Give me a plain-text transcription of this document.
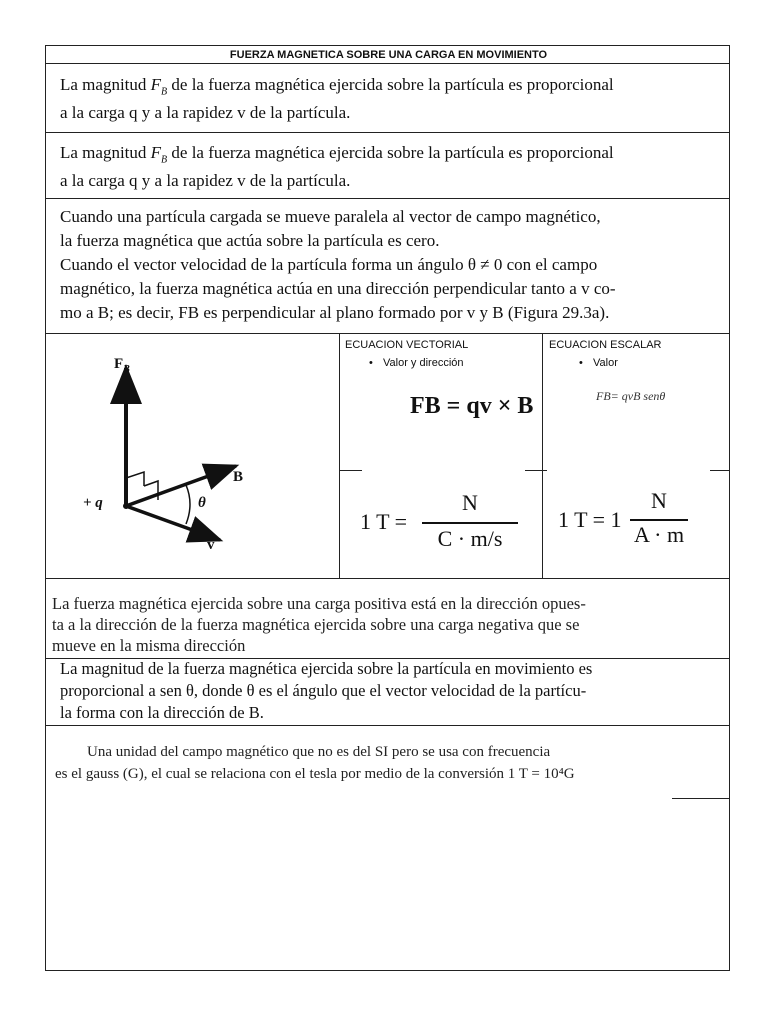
FUERZA MAGNETICA SOBRE UNA CARGA EN MOVIMIENTO
La magnitud $F_B$ de la fuerza magnética ejercida sobre la partícula es proporcional
a la carga q y a la rapidez v de la partícula.
La magnitud $F_B$ de la fuerza magnética ejercida sobre la partícula es proporcional
a la carga q y a la rapidez v de la partícula.
Cuando una partícula cargada se mueve paralela al vector de campo magnético,
la fuerza magnética que actúa sobre la partícula es cero.
Cuando el vector velocidad de la partícula forma un ángulo θ ≠ 0 con el campo
magnético, la fuerza magnética actúa en una dirección perpendicular tanto a v co-
mo a B; es decir, FB es perpendicular al plano formado por v y B (Figura 29.3a).
$F_B$
B
+ q	θ
v
ECUACION VECTORIAL
• Valor y dirección
FB = qv × B
ECUACION ESCALAR
• Valor
FB= qvB senθ
1 T =
N
C · m/s
1 T = 1
N
A · m
La fuerza magnética ejercida sobre una carga positiva está en la dirección opues-
ta a la dirección de la fuerza magnética ejercida sobre una carga negativa que se
mueve en la misma dirección
La magnitud de la fuerza magnética ejercida sobre la partícula en movimiento es
proporcional a sen θ, donde θ es el ángulo que el vector velocidad de la partícu-
la forma con la dirección de B.
Una unidad del campo magnético que no es del SI pero se usa con frecuencia
es el gauss (G), el cual se relaciona con el tesla por medio de la conversión 1 T = 10⁴G
